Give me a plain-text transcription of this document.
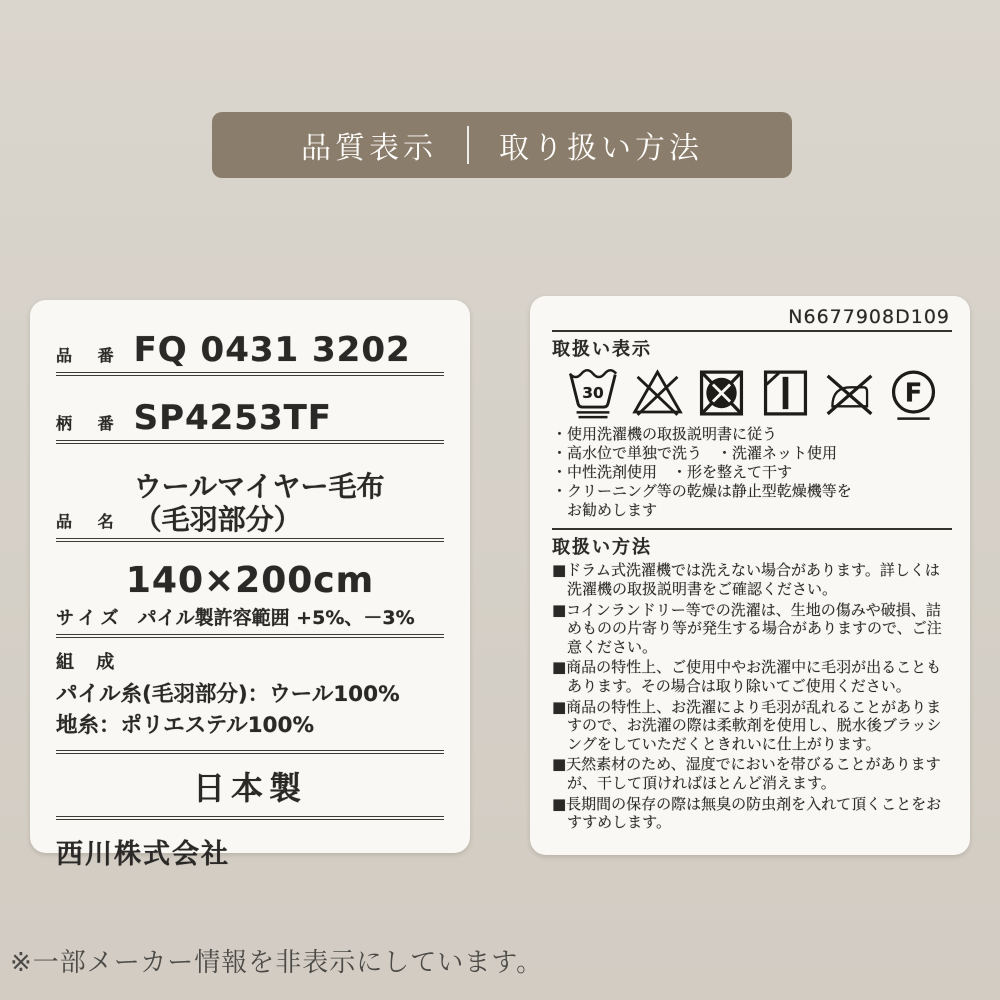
品質表示 取り扱い方法
品 番 FQ 0431 3202
柄 番 SP4253TF
品 名
ウールマイヤー毛布
（毛羽部分）
140×200cm
サイズ パイル製許容範囲 +5%、－3%
組 成
パイル糸(毛羽部分)：ウール100%
地糸：ポリエステル100%
日本製
西川株式会社
N6677908D109
取扱い表示
30	F
・使用洗濯機の取扱説明書に従う
・高水位で単独で洗う　・洗濯ネット使用
・中性洗剤使用　・形を整えて干す
・クリーニング等の乾燥は静止型乾燥機等を
　お勧めします
取扱い方法
■ドラム式洗濯機では洗えない場合があります。詳しくは洗濯機の取扱説明書をご確認ください。
■コインランドリー等での洗濯は、生地の傷みや破損、詰めものの片寄り等が発生する場合がありますので、ご注意ください。
■商品の特性上、ご使用中やお洗濯中に毛羽が出ることもあります。その場合は取り除いてご使用ください。
■商品の特性上、お洗濯により毛羽が乱れることがありますので、お洗濯の際は柔軟剤を使用し、脱水後ブラッシングをしていただくときれいに仕上がります。
■天然素材のため、湿度でにおいを帯びることがありますが、干して頂ければほとんど消えます。
■長期間の保存の際は無臭の防虫剤を入れて頂くことをおすすめします。
※一部メーカー情報を非表示にしています。
